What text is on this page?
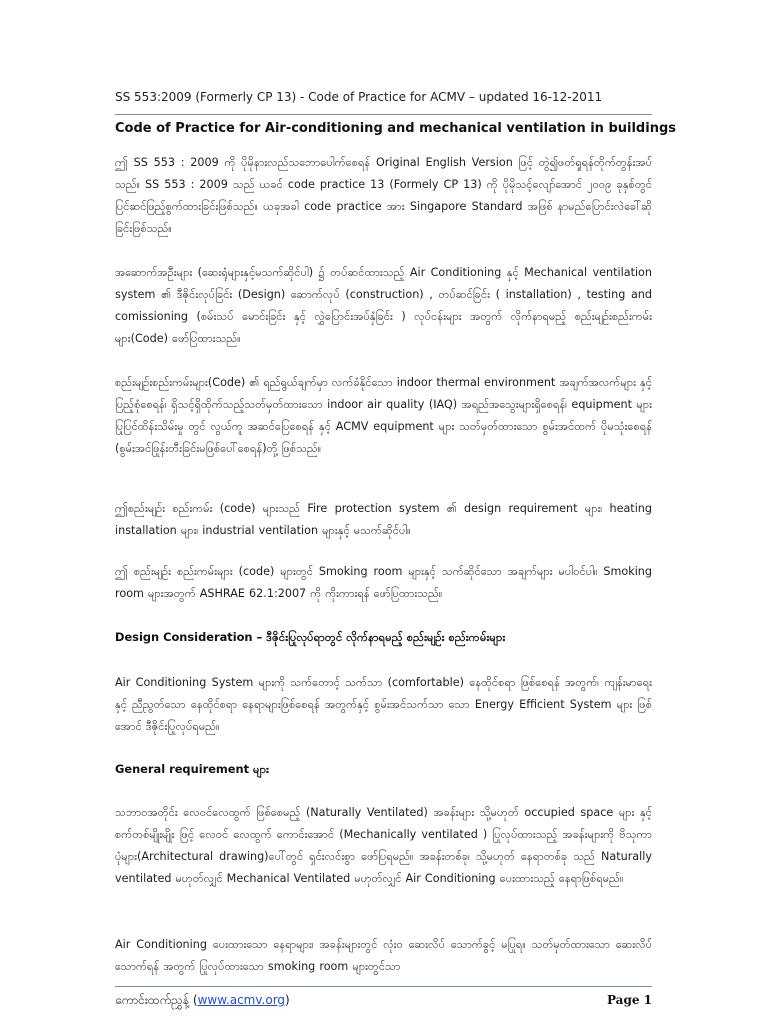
SS 553:2009 (Formerly CP 13) - Code of Practice for ACMV – updated 16-12-2011
Code of Practice for Air-conditioning and mechanical ventilation in buildings

ဤ SS 553 : 2009 ကို ပိုမိုနားလည်သဘောပေါက်စေရန် Original English Version ဖြင့် တွဲ၍ဖတ်ရှုရန်တိုက်တွန်းအပ်သည်။ SS 553 : 2009 သည် ယခင် code practice 13 (Formely CP 13) ကို ပိုမိုသင့်လျော်အောင် ၂၀၀၉ ခုနှစ်တွင် ပြင်ဆင်ဖြည့်စွက်ထားခြင်းဖြစ်သည်။ ယခုအခါ code practice အား Singapore Standard အဖြစ် နာမည်ပြောင်းလဲခေါ်ဆိုခြင်းဖြစ်သည်။

အဆောက်အဦးများ (ဆေးရုံများနှင့်မသက်ဆိုင်ပါ) ၌ တပ်ဆင်ထားသည့် Air Conditioning နှင့် Mechanical ventilation system ၏ ဒီဇိုင်းလုပ်ခြင်း (Design) ဆောက်လုပ် (construction) , တပ်ဆင်ခြင်း ( installation) , testing and comissioning (စမ်းသပ် မောင်းခြင်း နှင့် လွှဲပြောင်းအပ်နှံခြင်း ) လုပ်ငန်းများ အတွက် လိုက်နာရမည့် စည်းမျဉ်းစည်းကမ်းများ(Code) ဖော်ပြထားသည်။

စည်းမျဉ်းစည်းကမ်းများ(Code) ၏ ရည်ရွယ်ချက်မှာ လက်ခံနိုင်သော indoor thermal environment အချက်အလက်များ နှင့် ပြည့်စုံစေရန်၊ ရှိသင့်ရှိထိုက်သည့်သတ်မှတ်ထားသော indoor air quality (IAQ) အရည်အသွေးများရှိစေရန်၊ equipment များ ပြုပြင်ထိန်းသိမ်းမှု တွင် လွယ်ကူ အဆင်ပြေစေရန် နှင့် ACMV equipment များ သတ်မှတ်ထားသော စွမ်းအင်ထက် ပိုမသုံးစေရန် (စွမ်းအင်ဖြုန်းတီးခြင်းမဖြစ်ပေါ်စေရန်)တို့ ဖြစ်သည်။

ဤစည်းမျဉ်း စည်းကမ်း (code) များသည် Fire protection system ၏ design requirement များ၊ heating installation များ၊ industrial ventilation များနှင့် မသက်ဆိုင်ပါ။

ဤ စည်းမျဉ်း စည်းကမ်းများ (code) များတွင် Smoking room များနှင့် သက်ဆိုင်သော အချက်များ မပါဝင်ပါ။ Smoking room များအတွက် ASHRAE 62.1:2007 ကို ကိုးကားရန် ဖော်ပြထားသည်။

Design Consideration – ဒီဇိုင်းပြုလုပ်ရာတွင် လိုက်နာရမည့် စည်းမျဉ်း စည်းကမ်းများ

Air Conditioning System များကို သက်တောင့် သက်သာ (comfortable) နေထိုင်စရာ ဖြစ်စေရန် အတွက်၊ ကျန်းမာရေး နှင့် ညီညွတ်သော နေထိုင်စရာ နေရာများဖြစ်စေရန် အတွက်နှင့် စွမ်းအင်သက်သာ သော Energy Efficient System များ ဖြစ်အောင် ဒီဇိုင်းပြုလုပ်ရမည်။

General requirement များ

သဘာဝအတိုင်း လေဝင်လေထွက် ဖြစ်စေမည့် (Naturally Ventilated) အခန်းများ သို့မဟုတ် occupied space များ နှင့် စက်တစ်မျိုးမျိုး ဖြင့် လေဝင် လေထွက် ကောင်းအောင် (Mechanically ventilated ) ပြုလုပ်ထားသည့် အခန်းများကို ဗိသုကာ ပုံများ(Architectural drawing)ပေါ်တွင် ရှင်းလင်းစွာ ဖော်ပြရမည်။ အခန်းတစ်ခု၊ သို့မဟုတ် နေရာတစ်ခု သည် Naturally ventilated မဟုတ်လျှင် Mechanical Ventilated မဟုတ်လျှင် Air Conditioning ပေးထားသည့် နေရာဖြစ်ရမည်။

Air Conditioning ပေးထားသော နေရာများ၊ အခန်းများတွင် လုံး၀ ဆေးလိပ် သောက်ခွင့် မပြုရ။ သတ်မှတ်ထားသော ဆေးလိပ်သောက်ရန် အတွက် ပြုလုပ်ထားသော smoking room များတွင်သာ

ကောင်းထက်ညွှန့် (www.acmv.org)	Page 1
